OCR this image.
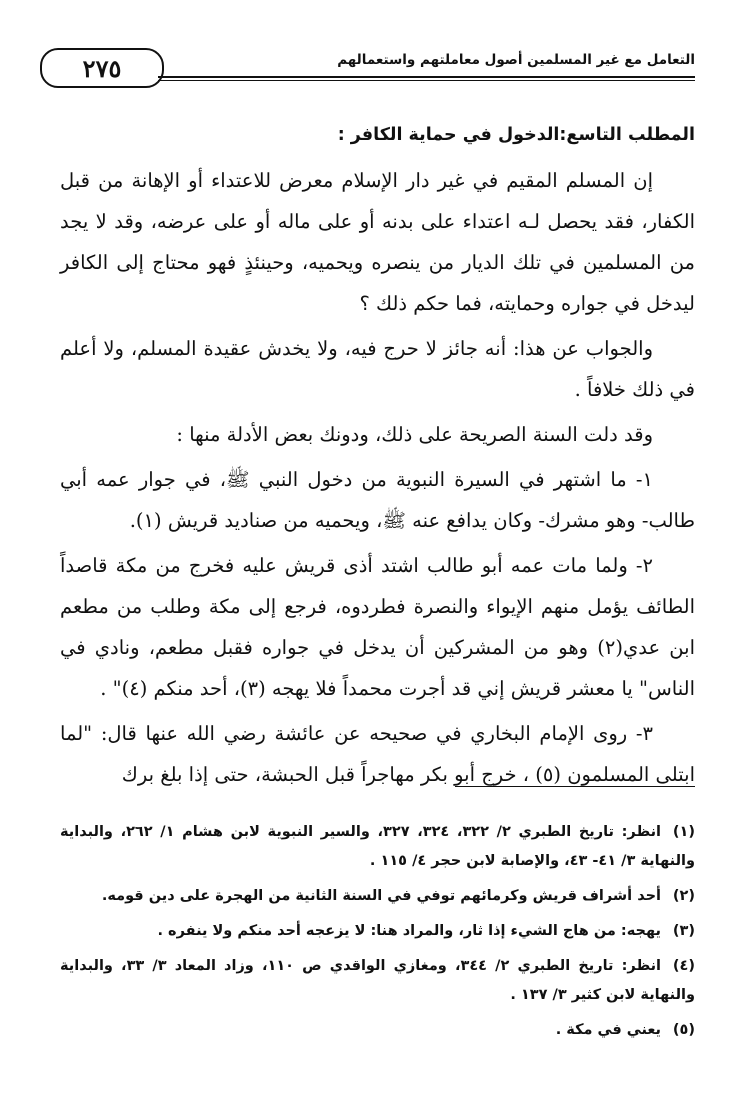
٢٧٥	التعامل مع غير المسلمين أصول معاملتهم واستعمالهم
المطلب التاسع:الدخول في حماية الكافر :

إن المسلم المقيم في غير دار الإسلام معرض للاعتداء أو الإهانة من قبل الكفار، فقد يحصل لـه اعتداء على بدنه أو على ماله أو على عرضه، وقد لا يجد من المسلمين في تلك الديار من ينصره ويحميه، وحينئذٍ فهو محتاج إلى الكافر ليدخل في جواره وحمايته، فما حكم ذلك ؟

والجواب عن هذا: أنه جائز لا حرج فيه، ولا يخدش عقيدة المسلم، ولا أعلم في ذلك خلافاً .

وقد دلت السنة الصريحة على ذلك، ودونك بعض الأدلة منها :

١- ما اشتهر في السيرة النبوية من دخول النبي ﷺ، في جوار عمه أبي طالب- وهو مشرك- وكان يدافع عنه ﷺ، ويحميه من صناديد قريش (١).

٢- ولما مات عمه أبو طالب اشتد أذى قريش عليه فخرج من مكة قاصداً الطائف يؤمل منهم الإيواء والنصرة فطردوه، فرجع إلى مكة وطلب من مطعم ابن عدي(٢) وهو من المشركين أن يدخل في جواره فقبل مطعم، ونادي في الناس" يا معشر قريش إني قد أجرت محمداً فلا يهجه (٣)، أحد منكم (٤)" .

٣- روى الإمام البخاري في صحيحه عن عائشة رضي الله عنها قال: "لما ابتلى المسلمون (٥) ، خرج أبو بكر مهاجراً قبل الحبشة، حتى إذا بلغ برك

(١)انظر: تاريخ الطبري ٢/ ٣٢٢، ٣٢٤، ٣٢٧، والسير النبوية لابن هشام ١/ ٢٦٢، والبداية والنهاية ٣/ ٤١- ٤٣، والإصابة لابن حجر ٤/ ١١٥ .
(٢)أحد أشراف قريش وكرمائهم توفي في السنة الثانية من الهجرة على دين قومه.
(٣)يهجه: من هاج الشيء إذا ثار، والمراد هنا: لا يزعجه أحد منكم ولا ينفره .
(٤)انظر: تاريخ الطبري ٢/ ٣٤٤، ومغازي الواقدي ص ١١٠، وزاد المعاد ٣/ ٣٣، والبداية والنهاية لابن كثير ٣/ ١٣٧ .
(٥)يعني في مكة .
